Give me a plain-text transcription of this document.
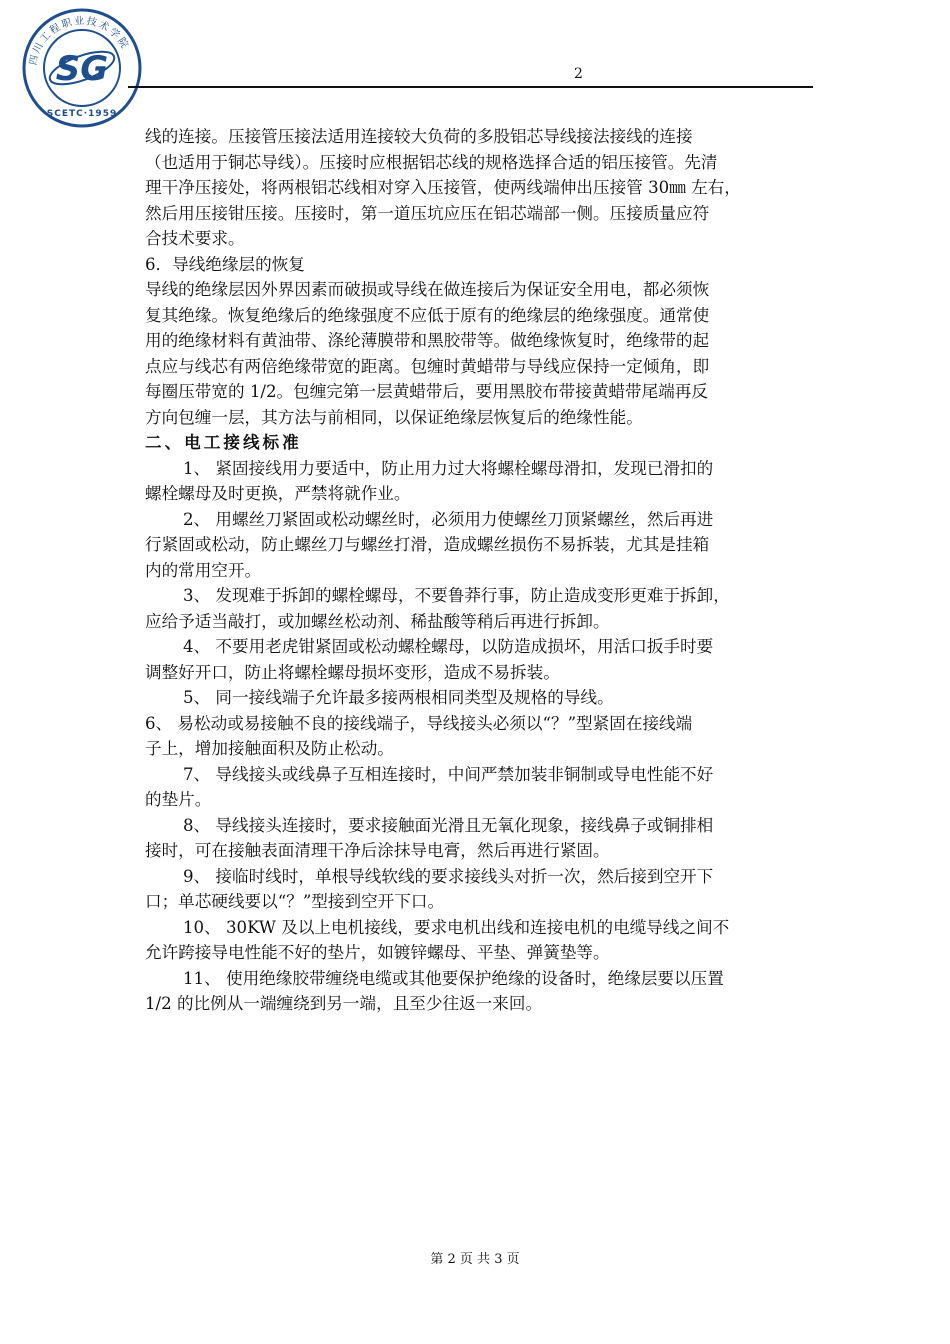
四川工程职业技术学院
SG
SCETC·1959
2
线的连接。压接管压接法适用连接较大负荷的多股铝芯导线接法接线的连接
（也适用于铜芯导线）。压接时应根据铝芯线的规格选择合适的铝压接管。先清
理干净压接处，将两根铝芯线相对穿入压接管，使两线端伸出压接管 30㎜ 左右，
然后用压接钳压接。压接时，第一道压坑应压在铝芯端部一侧。压接质量应符
合技术要求。
6．导线绝缘层的恢复
导线的绝缘层因外界因素而破损或导线在做连接后为保证安全用电，都必须恢
复其绝缘。恢复绝缘后的绝缘强度不应低于原有的绝缘层的绝缘强度。通常使
用的绝缘材料有黄油带、涤纶薄膜带和黑胶带等。做绝缘恢复时，绝缘带的起
点应与线芯有两倍绝缘带宽的距离。包缠时黄蜡带与导线应保持一定倾角，即
每圈压带宽的 1/2。包缠完第一层黄蜡带后，要用黑胶布带接黄蜡带尾端再反
方向包缠一层，其方法与前相同，以保证绝缘层恢复后的绝缘性能。
二、电工接线标准
1、 紧固接线用力要适中，防止用力过大将螺栓螺母滑扣，发现已滑扣的
螺栓螺母及时更换，严禁将就作业。
2、 用螺丝刀紧固或松动螺丝时，必须用力使螺丝刀顶紧螺丝，然后再进
行紧固或松动，防止螺丝刀与螺丝打滑，造成螺丝损伤不易拆装，尤其是挂箱
内的常用空开。
3、 发现难于拆卸的螺栓螺母，不要鲁莽行事，防止造成变形更难于拆卸，
应给予适当敲打，或加螺丝松动剂、稀盐酸等稍后再进行拆卸。
4、 不要用老虎钳紧固或松动螺栓螺母，以防造成损坏，用活口扳手时要
调整好开口，防止将螺栓螺母损坏变形，造成不易拆装。
5、 同一接线端子允许最多接两根相同类型及规格的导线。
6、 易松动或易接触不良的接线端子，导线接头必须以“？”型紧固在接线端
子上，增加接触面积及防止松动。
7、 导线接头或线鼻子互相连接时，中间严禁加装非铜制或导电性能不好
的垫片。
8、 导线接头连接时，要求接触面光滑且无氧化现象，接线鼻子或铜排相
接时，可在接触表面清理干净后涂抹导电膏，然后再进行紧固。
9、 接临时线时，单根导线软线的要求接线头对折一次，然后接到空开下
口；单芯硬线要以“？”型接到空开下口。
10、 30KW 及以上电机接线，要求电机出线和连接电机的电缆导线之间不
允许跨接导电性能不好的垫片，如镀锌螺母、平垫、弹簧垫等。
11、 使用绝缘胶带缠绕电缆或其他要保护绝缘的设备时，绝缘层要以压置
1/2 的比例从一端缠绕到另一端，且至少往返一来回。
第 2 页 共 3 页
